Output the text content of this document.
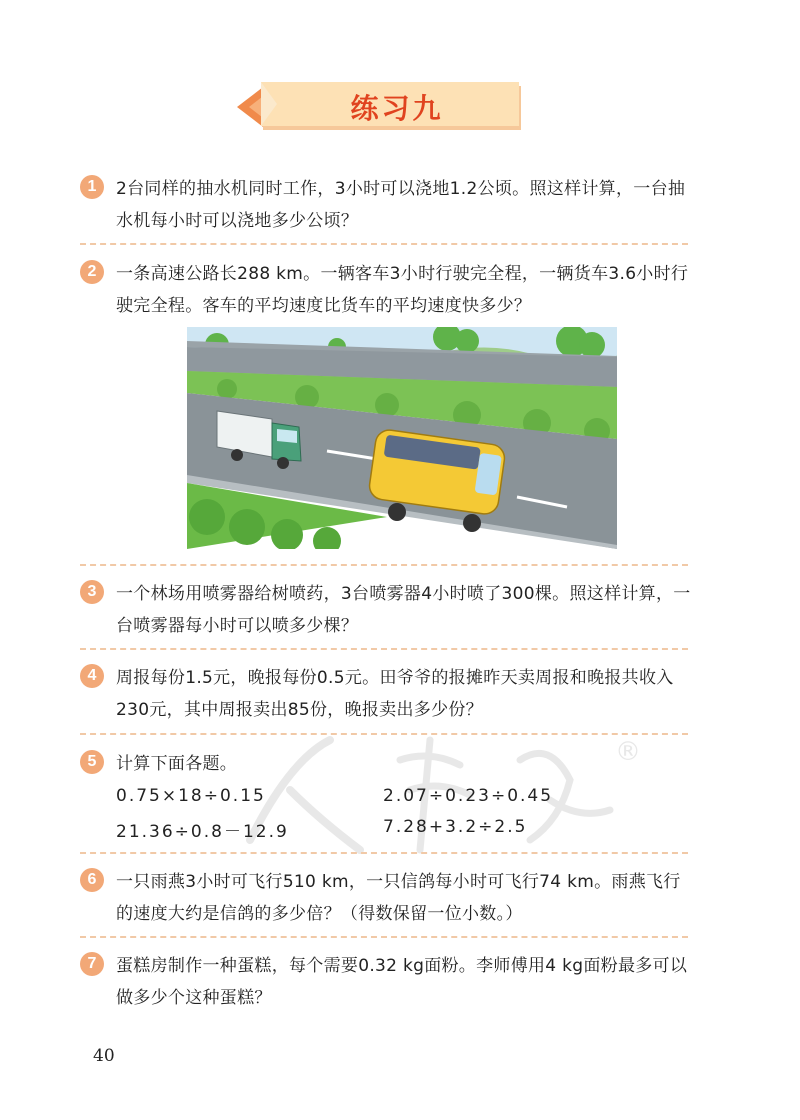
练习九
1	2台同样的抽水机同时工作，3小时可以浇地1.2公顷。照这样计算，一台抽水机每小时可以浇地多少公顷？
2	一条高速公路长288 km。一辆客车3小时行驶完全程，一辆货车3.6小时行驶完全程。客车的平均速度比货车的平均速度快多少？
3	一个林场用喷雾器给树喷药，3台喷雾器4小时喷了300棵。照这样计算，一台喷雾器每小时可以喷多少棵？
4	周报每份1.5元，晚报每份0.5元。田爷爷的报摊昨天卖周报和晚报共收入230元，其中周报卖出85份，晚报卖出多少份？
®
5	计算下面各题。
0.75×18÷0.15	2.07÷0.23÷0.45
21.36÷0.8－12.9	7.28+3.2÷2.5
6	一只雨燕3小时可飞行510 km，一只信鸽每小时可飞行74 km。雨燕飞行的速度大约是信鸽的多少倍？（得数保留一位小数。）
7	蛋糕房制作一种蛋糕，每个需要0.32 kg面粉。李师傅用4 kg面粉最多可以做多少个这种蛋糕？
40
